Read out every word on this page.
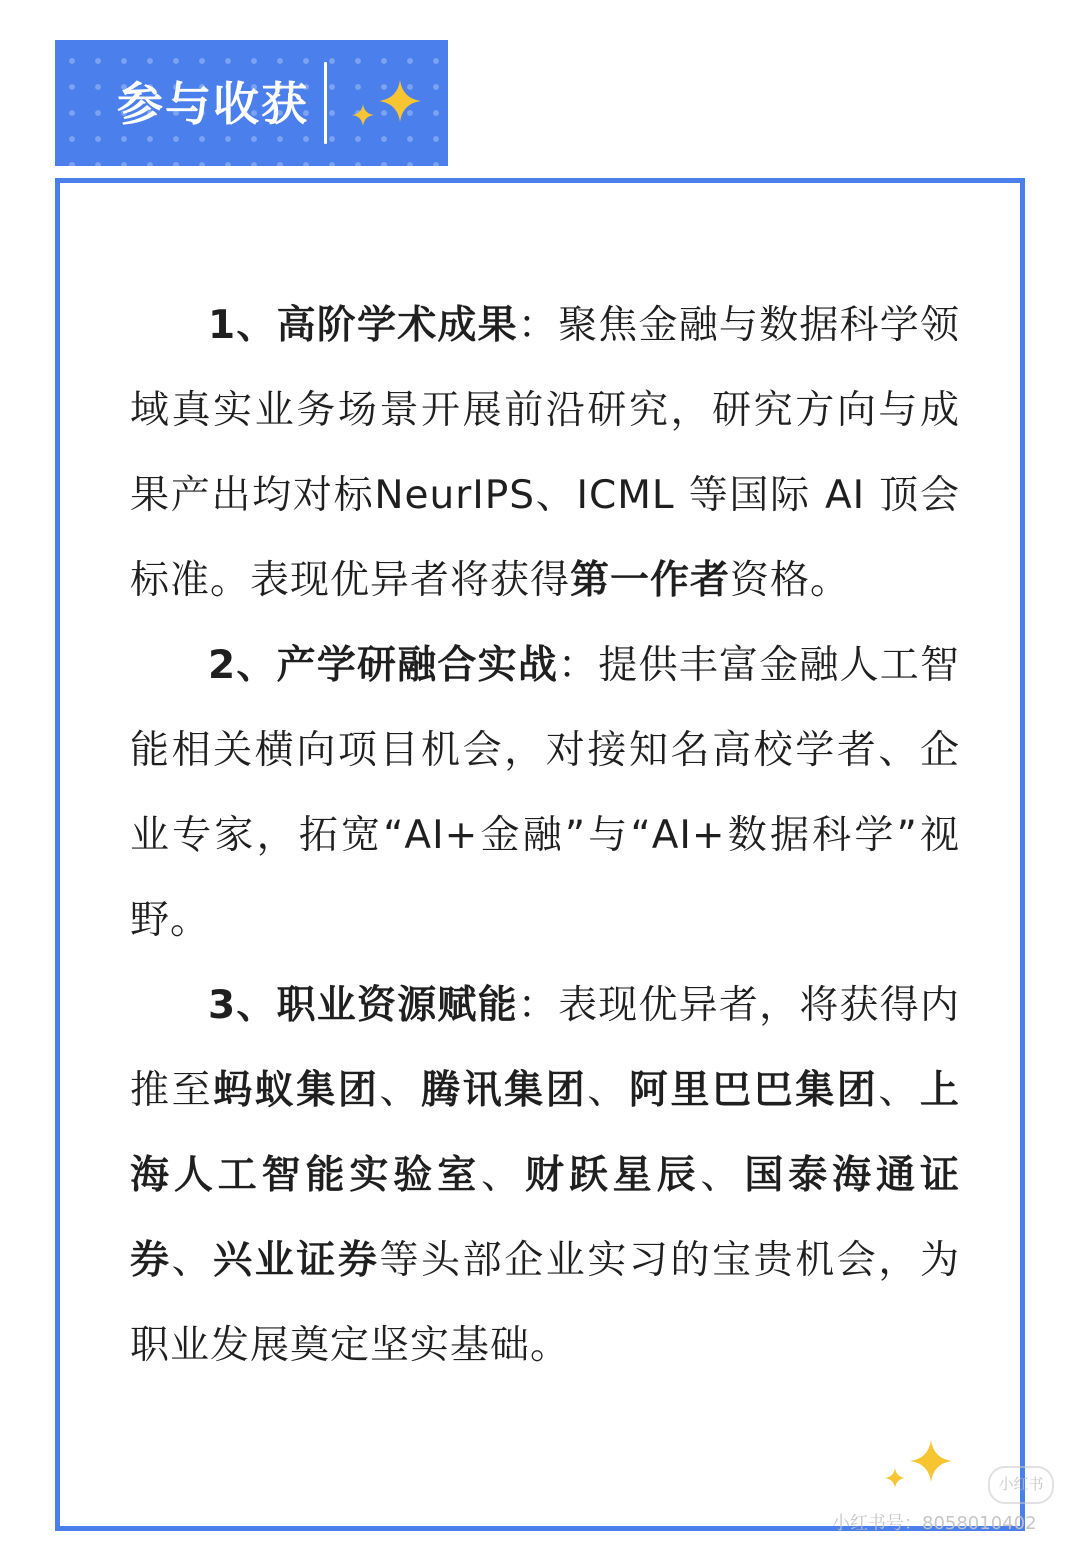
参与收获

1、高阶学术成果：聚焦金融与数据科学领域真实业务场景开展前沿研究，研究方向与成果产出均对标NeurIPS、ICML 等国际 AI 顶会标准。表现优异者将获得第一作者资格。

2、产学研融合实战：提供丰富金融人工智能相关横向项目机会，对接知名高校学者、企业专家，拓宽“AI+金融”与“AI+数据科学”视野。

3、职业资源赋能：表现优异者，将获得内推至蚂蚁集团、腾讯集团、阿里巴巴集团、上海人工智能实验室、财跃星辰、国泰海通证券、兴业证券等头部企业实习的宝贵机会，为职业发展奠定坚实基础。

小红书
小红书号：8058010402
